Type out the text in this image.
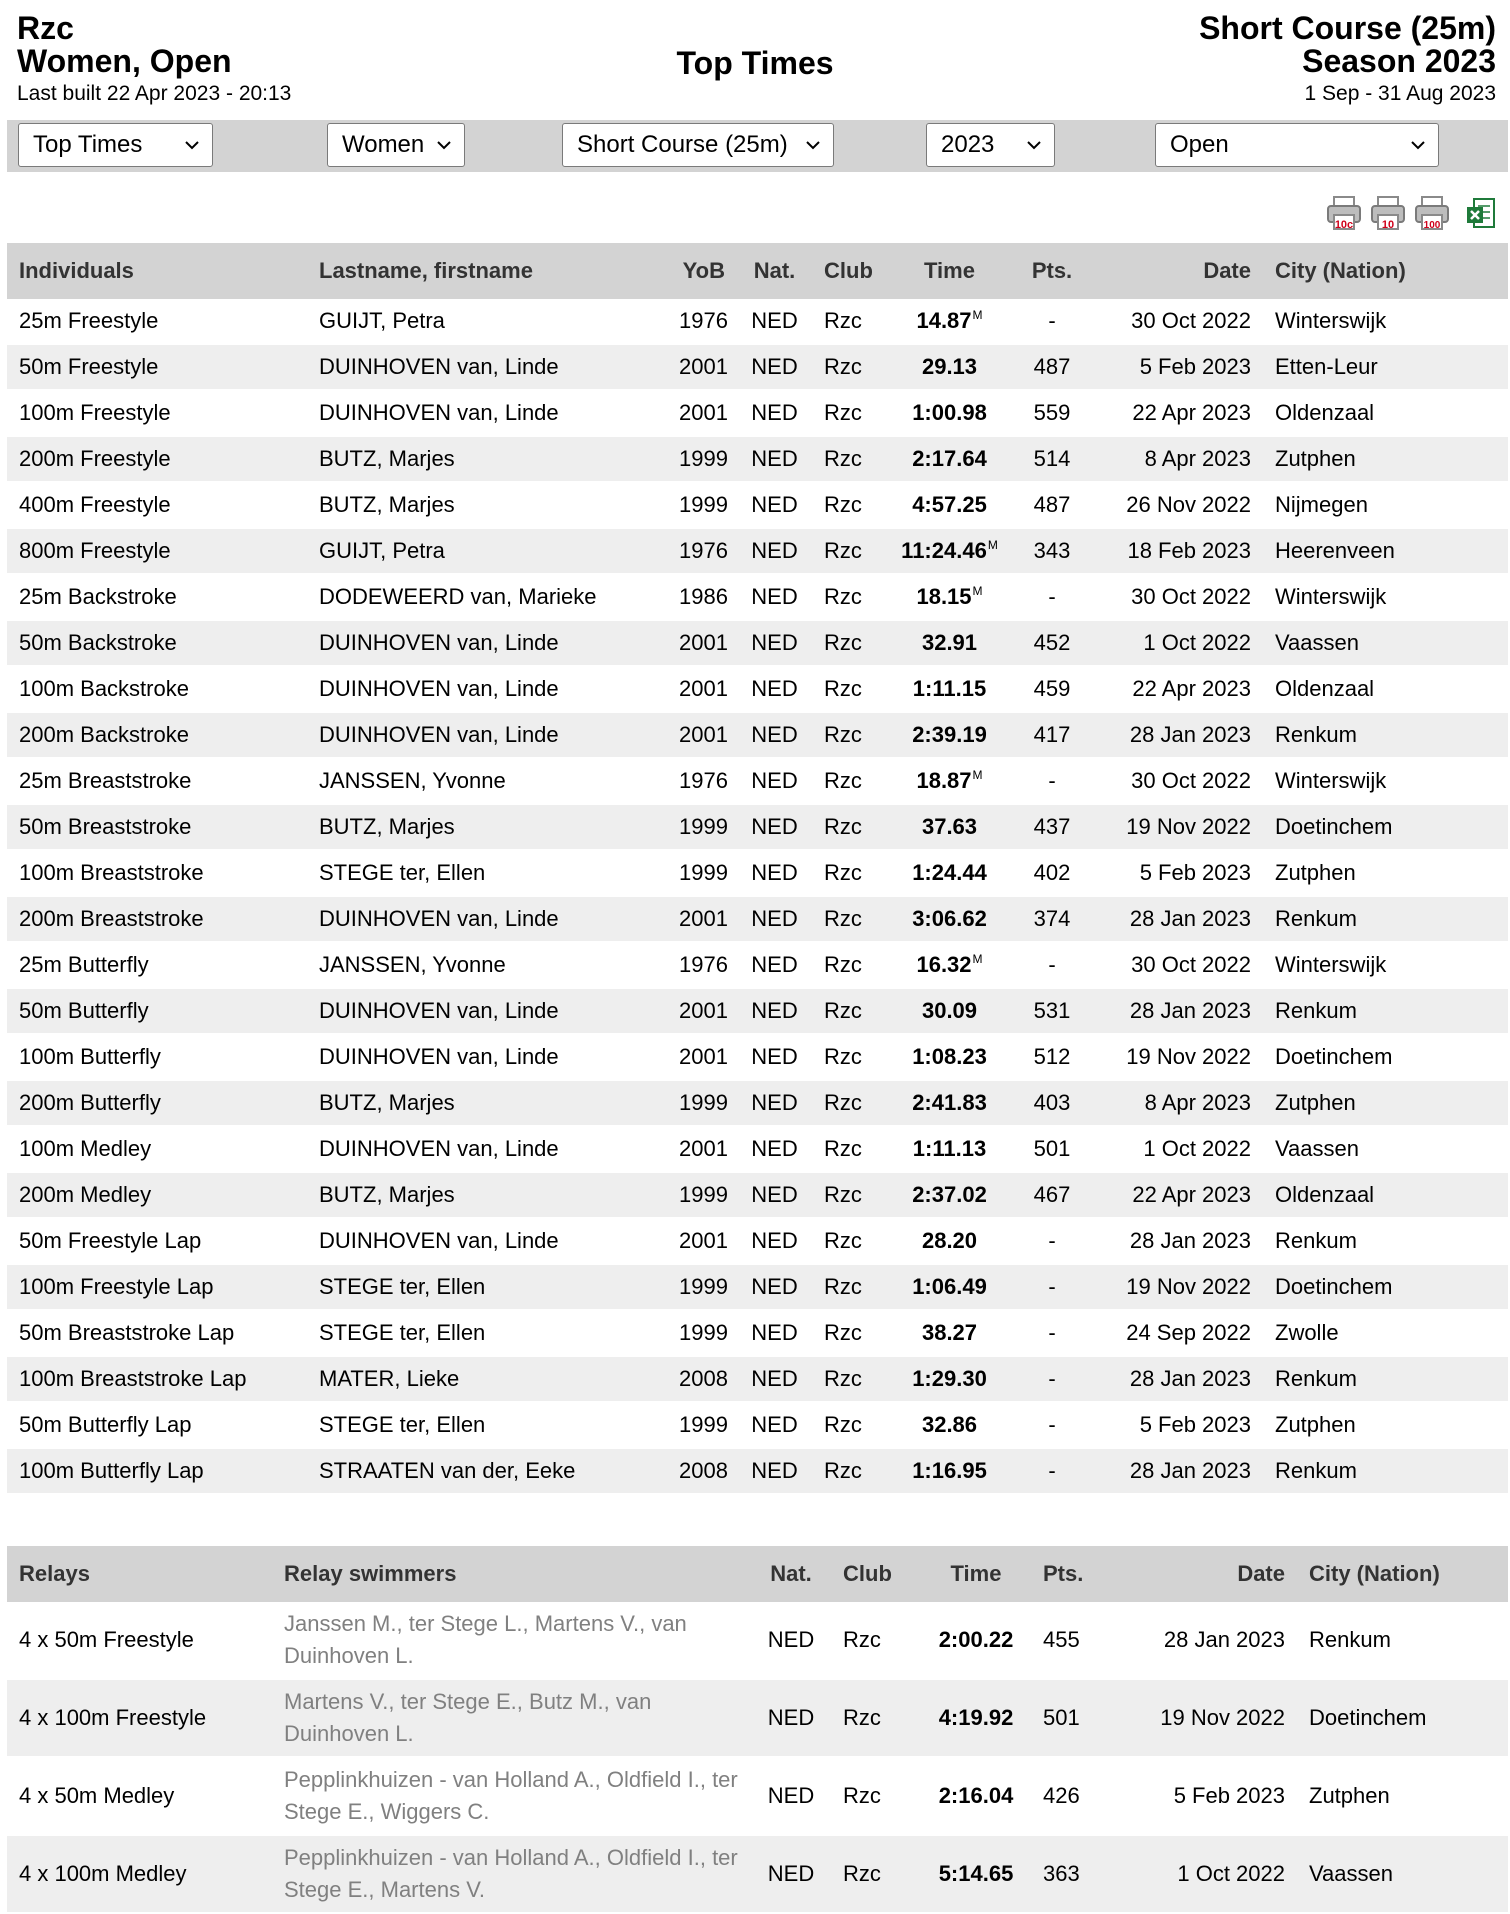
Rzc
Women, Open
Last built 22 Apr 2023 - 20:13
Top Times
Short Course (25m)
Season 2023
1 Sep - 31 Aug 2023
Top Times	Women	Short Course (25m)	2023	Open
10c	10	100
Individuals	Lastname, firstname	YoB	Nat.	Club	Time	Pts.	Date	City (Nation)
25m Freestyle	GUIJT, Petra	1976	NED	Rzc	$14.87^M$	-	30 Oct 2022	Winterswijk
50m Freestyle	DUINHOVEN van, Linde	2001	NED	Rzc	29.13	487	5 Feb 2023	Etten-Leur
100m Freestyle	DUINHOVEN van, Linde	2001	NED	Rzc	1:00.98	559	22 Apr 2023	Oldenzaal
200m Freestyle	BUTZ, Marjes	1999	NED	Rzc	2:17.64	514	8 Apr 2023	Zutphen
400m Freestyle	BUTZ, Marjes	1999	NED	Rzc	4:57.25	487	26 Nov 2022	Nijmegen
800m Freestyle	GUIJT, Petra	1976	NED	Rzc	$11:24.46^M$	343	18 Feb 2023	Heerenveen
25m Backstroke	DODEWEERD van, Marieke	1986	NED	Rzc	$18.15^M$	-	30 Oct 2022	Winterswijk
50m Backstroke	DUINHOVEN van, Linde	2001	NED	Rzc	32.91	452	1 Oct 2022	Vaassen
100m Backstroke	DUINHOVEN van, Linde	2001	NED	Rzc	1:11.15	459	22 Apr 2023	Oldenzaal
200m Backstroke	DUINHOVEN van, Linde	2001	NED	Rzc	2:39.19	417	28 Jan 2023	Renkum
25m Breaststroke	JANSSEN, Yvonne	1976	NED	Rzc	$18.87^M$	-	30 Oct 2022	Winterswijk
50m Breaststroke	BUTZ, Marjes	1999	NED	Rzc	37.63	437	19 Nov 2022	Doetinchem
100m Breaststroke	STEGE ter, Ellen	1999	NED	Rzc	1:24.44	402	5 Feb 2023	Zutphen
200m Breaststroke	DUINHOVEN van, Linde	2001	NED	Rzc	3:06.62	374	28 Jan 2023	Renkum
25m Butterfly	JANSSEN, Yvonne	1976	NED	Rzc	$16.32^M$	-	30 Oct 2022	Winterswijk
50m Butterfly	DUINHOVEN van, Linde	2001	NED	Rzc	30.09	531	28 Jan 2023	Renkum
100m Butterfly	DUINHOVEN van, Linde	2001	NED	Rzc	1:08.23	512	19 Nov 2022	Doetinchem
200m Butterfly	BUTZ, Marjes	1999	NED	Rzc	2:41.83	403	8 Apr 2023	Zutphen
100m Medley	DUINHOVEN van, Linde	2001	NED	Rzc	1:11.13	501	1 Oct 2022	Vaassen
200m Medley	BUTZ, Marjes	1999	NED	Rzc	2:37.02	467	22 Apr 2023	Oldenzaal
50m Freestyle Lap	DUINHOVEN van, Linde	2001	NED	Rzc	28.20	-	28 Jan 2023	Renkum
100m Freestyle Lap	STEGE ter, Ellen	1999	NED	Rzc	1:06.49	-	19 Nov 2022	Doetinchem
50m Breaststroke Lap	STEGE ter, Ellen	1999	NED	Rzc	38.27	-	24 Sep 2022	Zwolle
100m Breaststroke Lap	MATER, Lieke	2008	NED	Rzc	1:29.30	-	28 Jan 2023	Renkum
50m Butterfly Lap	STEGE ter, Ellen	1999	NED	Rzc	32.86	-	5 Feb 2023	Zutphen
100m Butterfly Lap	STRAATEN van der, Eeke	2008	NED	Rzc	1:16.95	-	28 Jan 2023	Renkum
Relays	Relay swimmers	Nat.	Club	Time	Pts.	Date	City (Nation)
4 x 50m Freestyle	Janssen M., ter Stege L., Martens V., van Duinhoven L.	NED	Rzc	2:00.22	455	28 Jan 2023	Renkum
4 x 100m Freestyle	Martens V., ter Stege E., Butz M., van Duinhoven L.	NED	Rzc	4:19.92	501	19 Nov 2022	Doetinchem
4 x 50m Medley	Pepplinkhuizen - van Holland A., Oldfield I., ter Stege E., Wiggers C.	NED	Rzc	2:16.04	426	5 Feb 2023	Zutphen
4 x 100m Medley	Pepplinkhuizen - van Holland A., Oldfield I., ter Stege E., Martens V.	NED	Rzc	5:14.65	363	1 Oct 2022	Vaassen
